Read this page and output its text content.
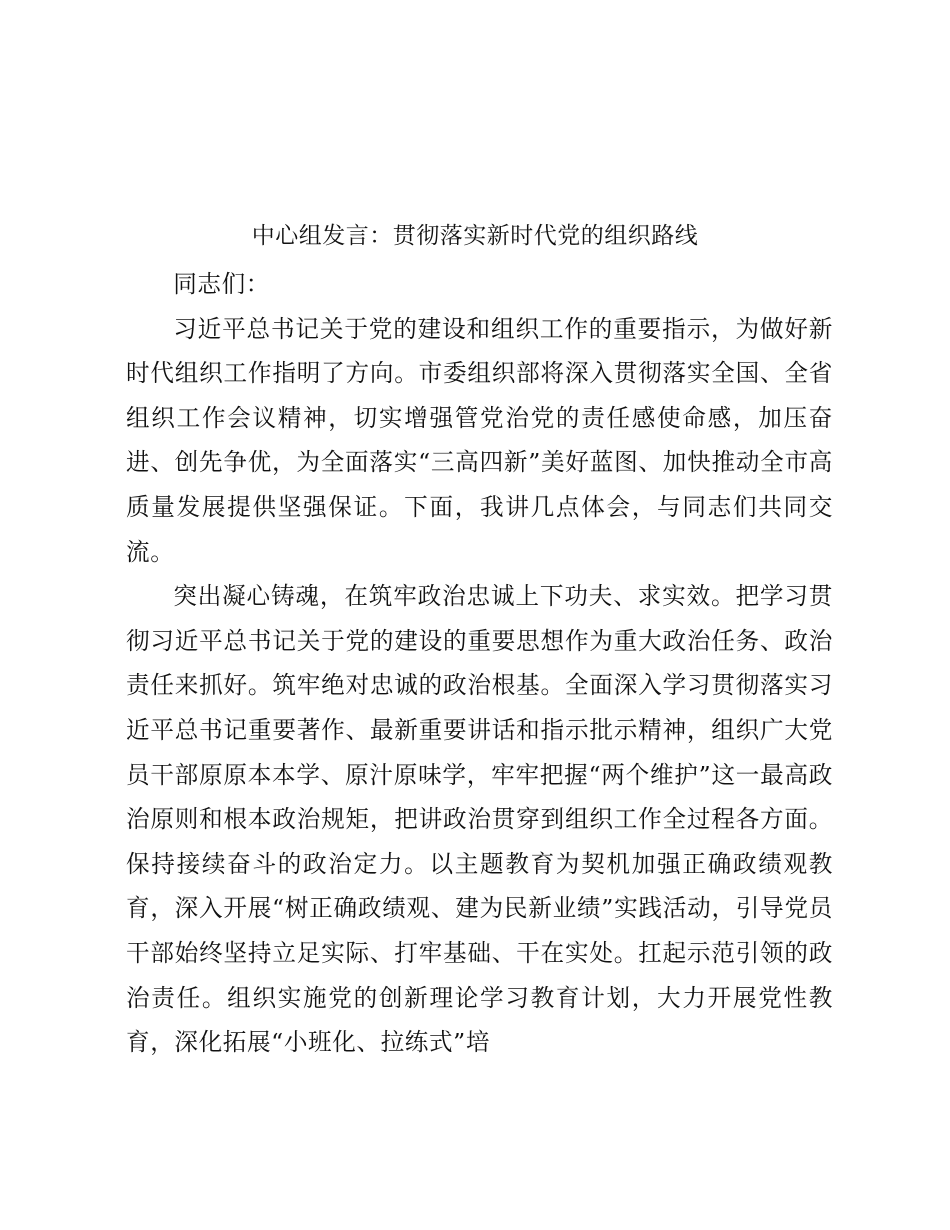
中心组发言：贯彻落实新时代党的组织路线

同志们：

习近平总书记关于党的建设和组织工作的重要指示，为做好新时代组织工作指明了方向。市委组织部将深入贯彻落实全国、全省组织工作会议精神，切实增强管党治党的责任感使命感，加压奋进、创先争优，为全面落实“三高四新”美好蓝图、加快推动全市高质量发展提供坚强保证。下面，我讲几点体会，与同志们共同交流。

突出凝心铸魂，在筑牢政治忠诚上下功夫、求实效。把学习贯彻习近平总书记关于党的建设的重要思想作为重大政治任务、政治责任来抓好。筑牢绝对忠诚的政治根基。全面深入学习贯彻落实习近平总书记重要著作、最新重要讲话和指示批示精神，组织广大党员干部原原本本学、原汁原味学，牢牢把握“两个维护”这一最高政治原则和根本政治规矩，把讲政治贯穿到组织工作全过程各方面。保持接续奋斗的政治定力。以主题教育为契机加强正确政绩观教育，深入开展“树正确政绩观、建为民新业绩”实践活动，引导党员干部始终坚持立足实际、打牢基础、干在实处。扛起示范引领的政治责任。组织实施党的创新理论学习教育计划，大力开展党性教育，深化拓展“小班化、拉练式”培
